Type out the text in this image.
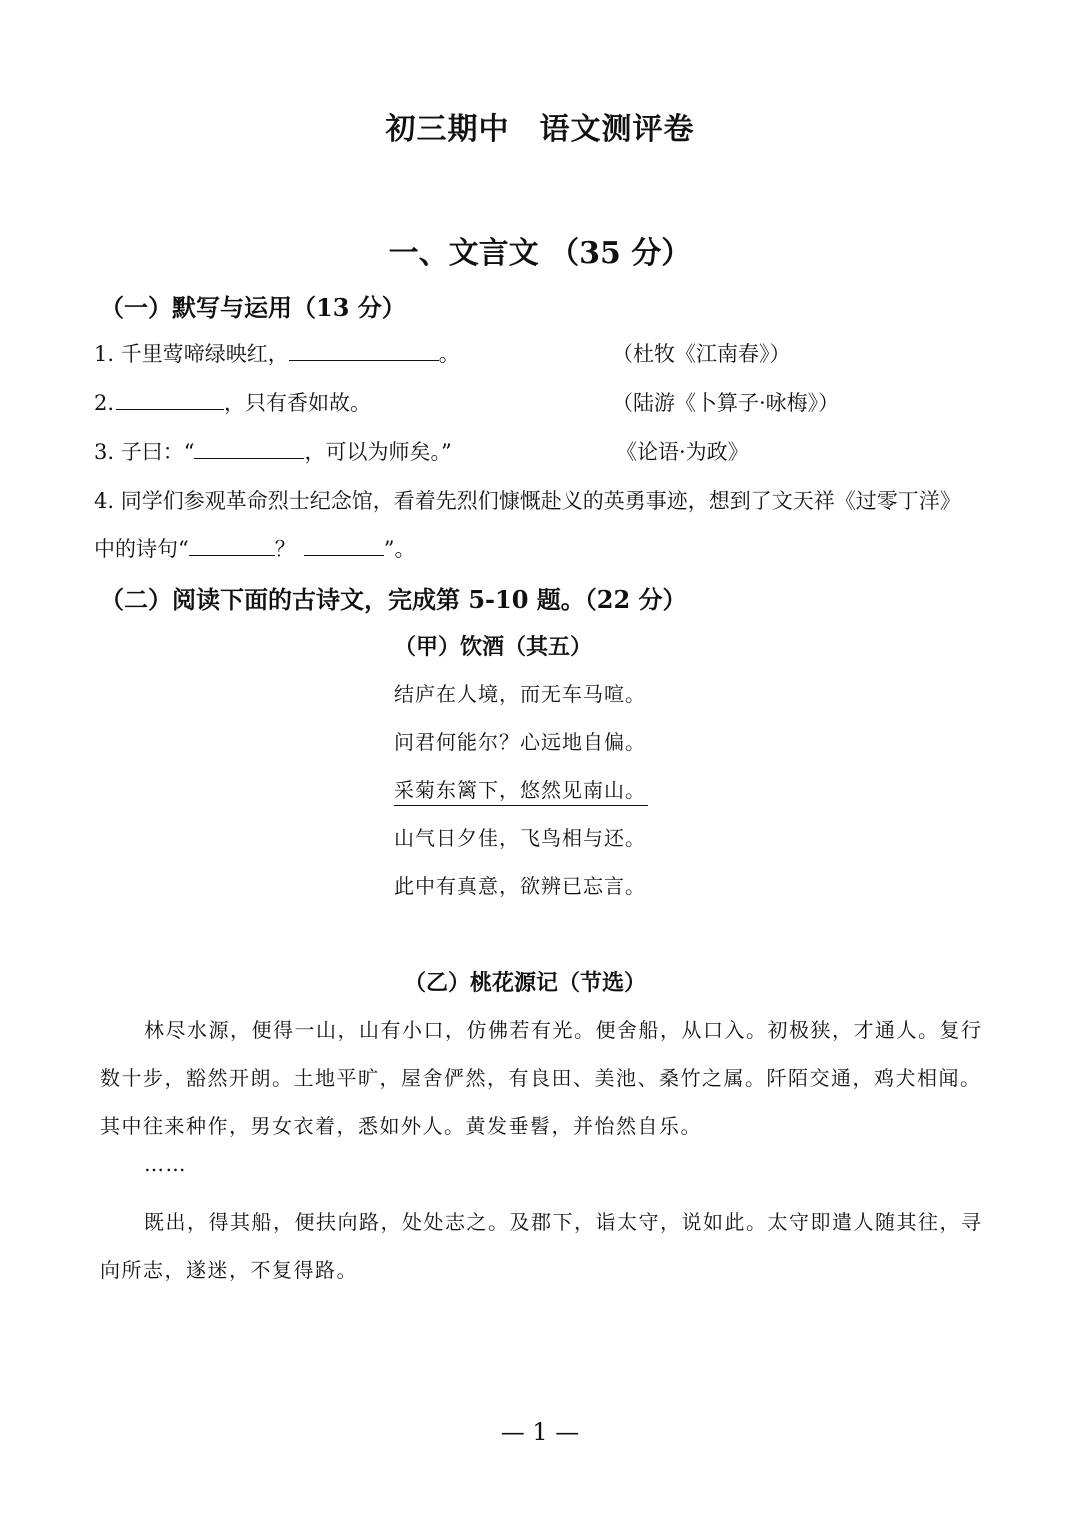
初三期中 语文测评卷
一、文言文 （35 分）
（一）默写与运用（13 分）
1. 千里莺啼绿映红，	。	（杜牧《江南春》）
2.	，只有香如故。	（陆游《卜算子·咏梅》）
3. 子曰：“	，可以为师矣。”	《论语·为政》
4. 同学们参观革命烈士纪念馆，看着先烈们慷慨赴义的英勇事迹，想到了文天祥《过零丁洋》
中的诗句“	？	”。
（二）阅读下面的古诗文，完成第 5-10 题。（22 分）
（甲）饮酒（其五）
结庐在人境，而无车马喧。
问君何能尔？心远地自偏。
采菊东篱下，悠然见南山。
山气日夕佳，飞鸟相与还。
此中有真意，欲辨已忘言。
（乙）桃花源记（节选）
林尽水源，便得一山，山有小口，仿佛若有光。便舍船，从口入。初极狭，才通人。复行
数十步，豁然开朗。土地平旷，屋舍俨然，有良田、美池、桑竹之属。阡陌交通，鸡犬相闻。
其中往来种作，男女衣着，悉如外人。黄发垂髫，并怡然自乐。
……
既出，得其船，便扶向路，处处志之。及郡下，诣太守，说如此。太守即遣人随其往，寻
向所志，遂迷，不复得路。
— 1 —
